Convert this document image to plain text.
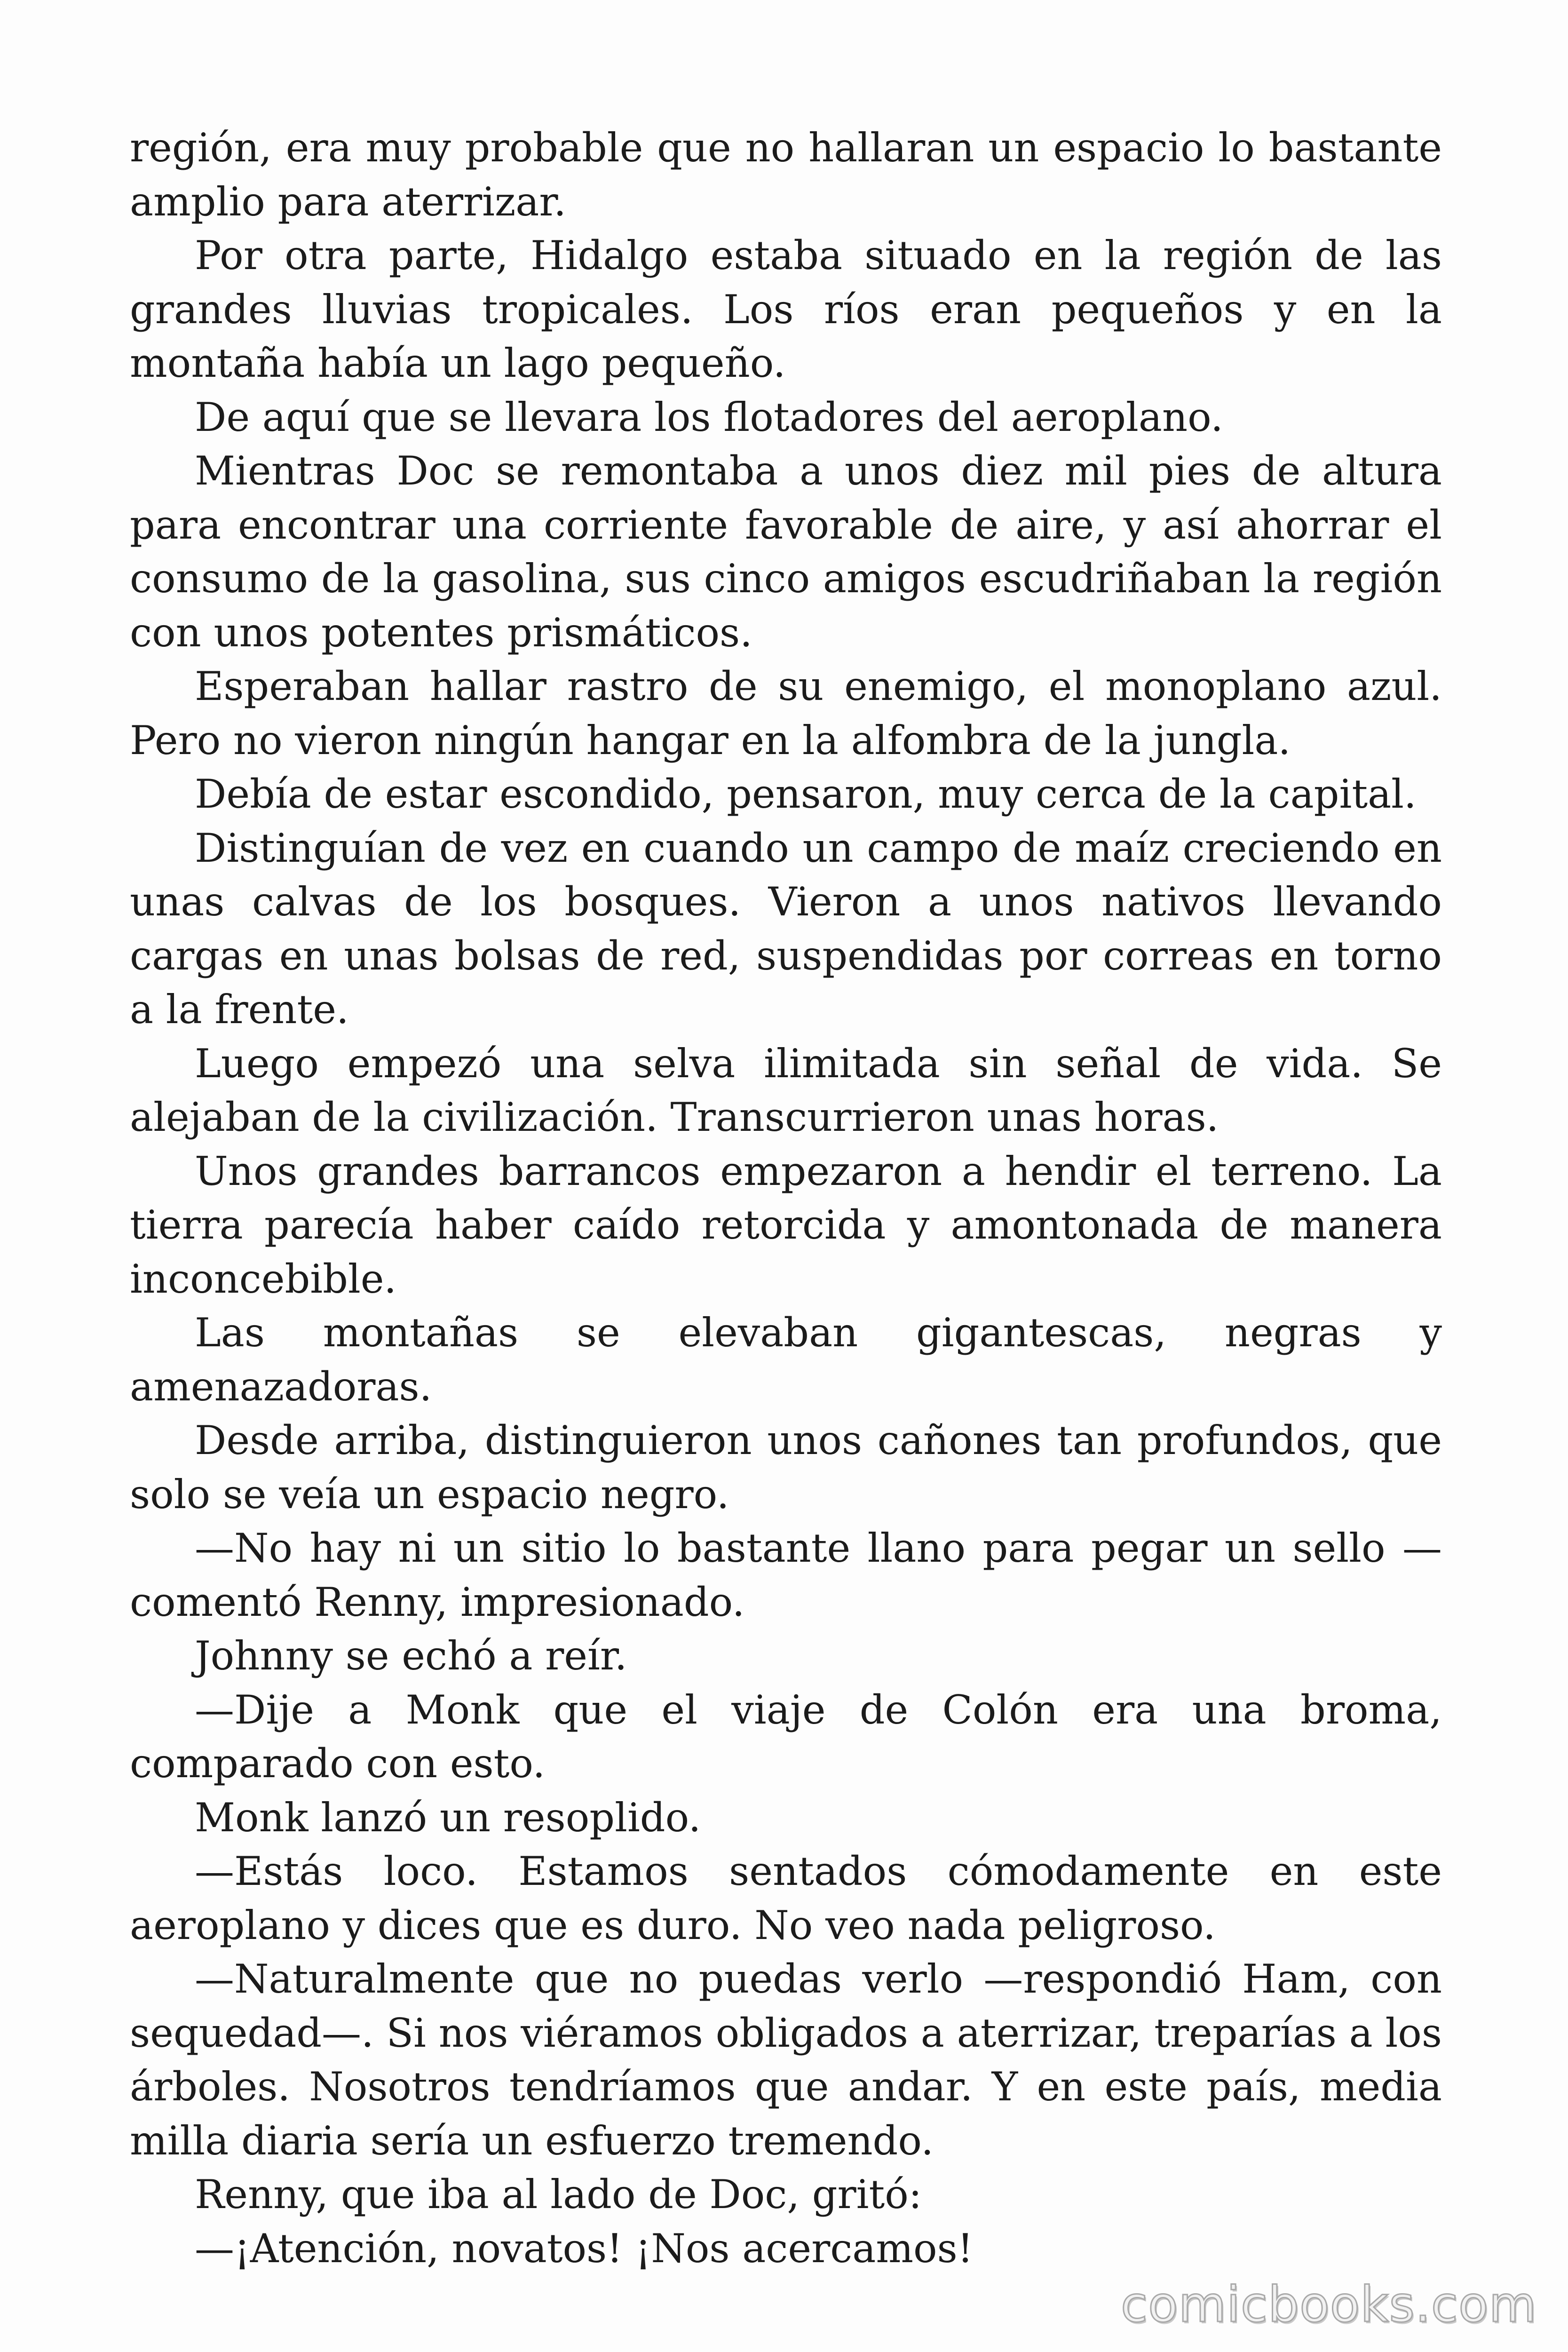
región, era muy probable que no hallaran un espacio lo bastante amplio para aterrizar.

Por otra parte, Hidalgo estaba situado en la región de las grandes lluvias tropicales. Los ríos eran pequeños y en la montaña había un lago pequeño.

De aquí que se llevara los flotadores del aeroplano.

Mientras Doc se remontaba a unos diez mil pies de altura para encontrar una corriente favorable de aire, y así ahorrar el consumo de la gasolina, sus cinco amigos escudriñaban la región con unos potentes prismáticos.

Esperaban hallar rastro de su enemigo, el monoplano azul. Pero no vieron ningún hangar en la alfombra de la jungla.

Debía de estar escondido, pensaron, muy cerca de la capital.

Distinguían de vez en cuando un campo de maíz creciendo en unas calvas de los bosques. Vieron a unos nativos llevando cargas en unas bolsas de red, suspendidas por correas en torno a la frente.

Luego empezó una selva ilimitada sin señal de vida. Se alejaban de la civilización. Transcurrieron unas horas.

Unos grandes barrancos empezaron a hendir el terreno. La tierra parecía haber caído retorcida y amontonada de manera inconcebible.

Las montañas se elevaban gigantescas, negras y amenazadoras.

Desde arriba, distinguieron unos cañones tan profundos, que solo se veía un espacio negro.

—No hay ni un sitio lo bastante llano para pegar un sello —comentó Renny, impresionado.

Johnny se echó a reír.

—Dije a Monk que el viaje de Colón era una broma, comparado con esto.

Monk lanzó un resoplido.

—Estás loco. Estamos sentados cómodamente en este aeroplano y dices que es duro. No veo nada peligroso.

—Naturalmente que no puedas verlo —respondió Ham, con sequedad—. Si nos viéramos obligados a aterrizar, treparías a los árboles. Nosotros tendríamos que andar. Y en este país, media milla diaria sería un esfuerzo tremendo.

Renny, que iba al lado de Doc, gritó:

—¡Atención, novatos! ¡Nos acercamos!

comicbooks.com
